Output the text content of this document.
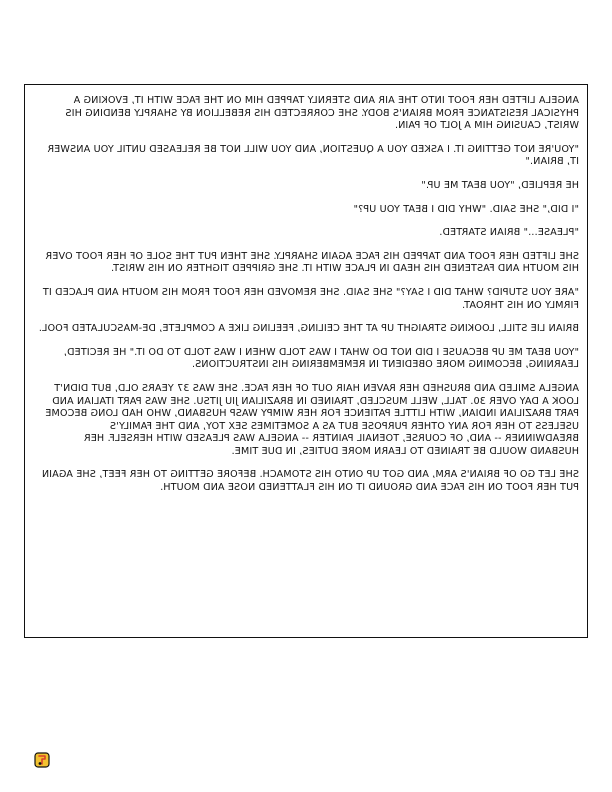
ANGELA LIFTED HER FOOT INTO THE AIR AND STERNLY TAPPED HIM ON THE FACE WITH IT, EVOKING A PHYSICAL RESISTANCE FROM BRIAN'S BODY. SHE CORRECTED HIS REBELLION BY SHARPLY BENDING HIS WRIST, CAUSING HIM A JOLT OF PAIN.

"YOU'RE NOT GETTING IT. I ASKED YOU A QUESTION, AND YOU WILL NOT BE RELEASED UNTIL YOU ANSWER IT, BRIAN."

HE REPLIED, "YOU BEAT ME UP."

"I DID," SHE SAID. "WHY DID I BEAT YOU UP?"

"PLEASE..." BRIAN STARTED.

SHE LIFTED HER FOOT AND TAPPED HIS FACE AGAIN SHARPLY. SHE THEN PUT THE SOLE OF HER FOOT OVER HIS MOUTH AND FASTENED HIS HEAD IN PLACE WITH IT. SHE GRIPPED TIGHTER ON HIS WRIST.

"ARE YOU STUPID? WHAT DID I SAY?" SHE SAID. SHE REMOVED HER FOOT FROM HIS MOUTH AND PLACED IT FIRMLY ON HIS THROAT.

BRIAN LIE STILL, LOOKING STRAIGHT UP AT THE CEILING, FEELING LIKE A COMPLETE, DE-MASCULATED FOOL.

"YOU BEAT ME UP BECAUSE I DID NOT DO WHAT I WAS TOLD WHEN I WAS TOLD TO DO IT." HE RECITED, LEARNING, BECOMING MORE OBEDIENT IN REMEMBERING HIS INSTRUCTIONS.

ANGELA SMILED AND BRUSHED HER RAVEN HAIR OUT OF HER FACE. SHE WAS 37 YEARS OLD, BUT DIDN'T LOOK A DAY OVER 30. TALL, WELL MUSCLED, TRAINED IN BRAZILIAN JIU JITSU. SHE WAS PART ITALIAN AND PART BRAZILIAN INDIAN, WITH LITTLE PATIENCE FOR HER WIMPY WASP HUSBAND, WHO HAD LONG BECOME USELESS TO HER FOR ANY OTHER PURPOSE BUT AS A SOMETIMES SEX TOY, AND THE FAMILY'S BREADWINNER -- AND, OF COURSE, TOENAIL PAINTER -- ANGELA WAS PLEASED WITH HERSELF. HER HUSBAND WOULD BE TRAINED TO LEARN MORE DUTIES, IN DUE TIME.

SHE LET GO OF BRIAN'S ARM, AND GOT UP ONTO HIS STOMACH. BEFORE GETTING TO HER FEET, SHE AGAIN PUT HER FOOT ON HIS FACE AND GROUND IT ON HIS FLATTENED NOSE AND MOUTH.
